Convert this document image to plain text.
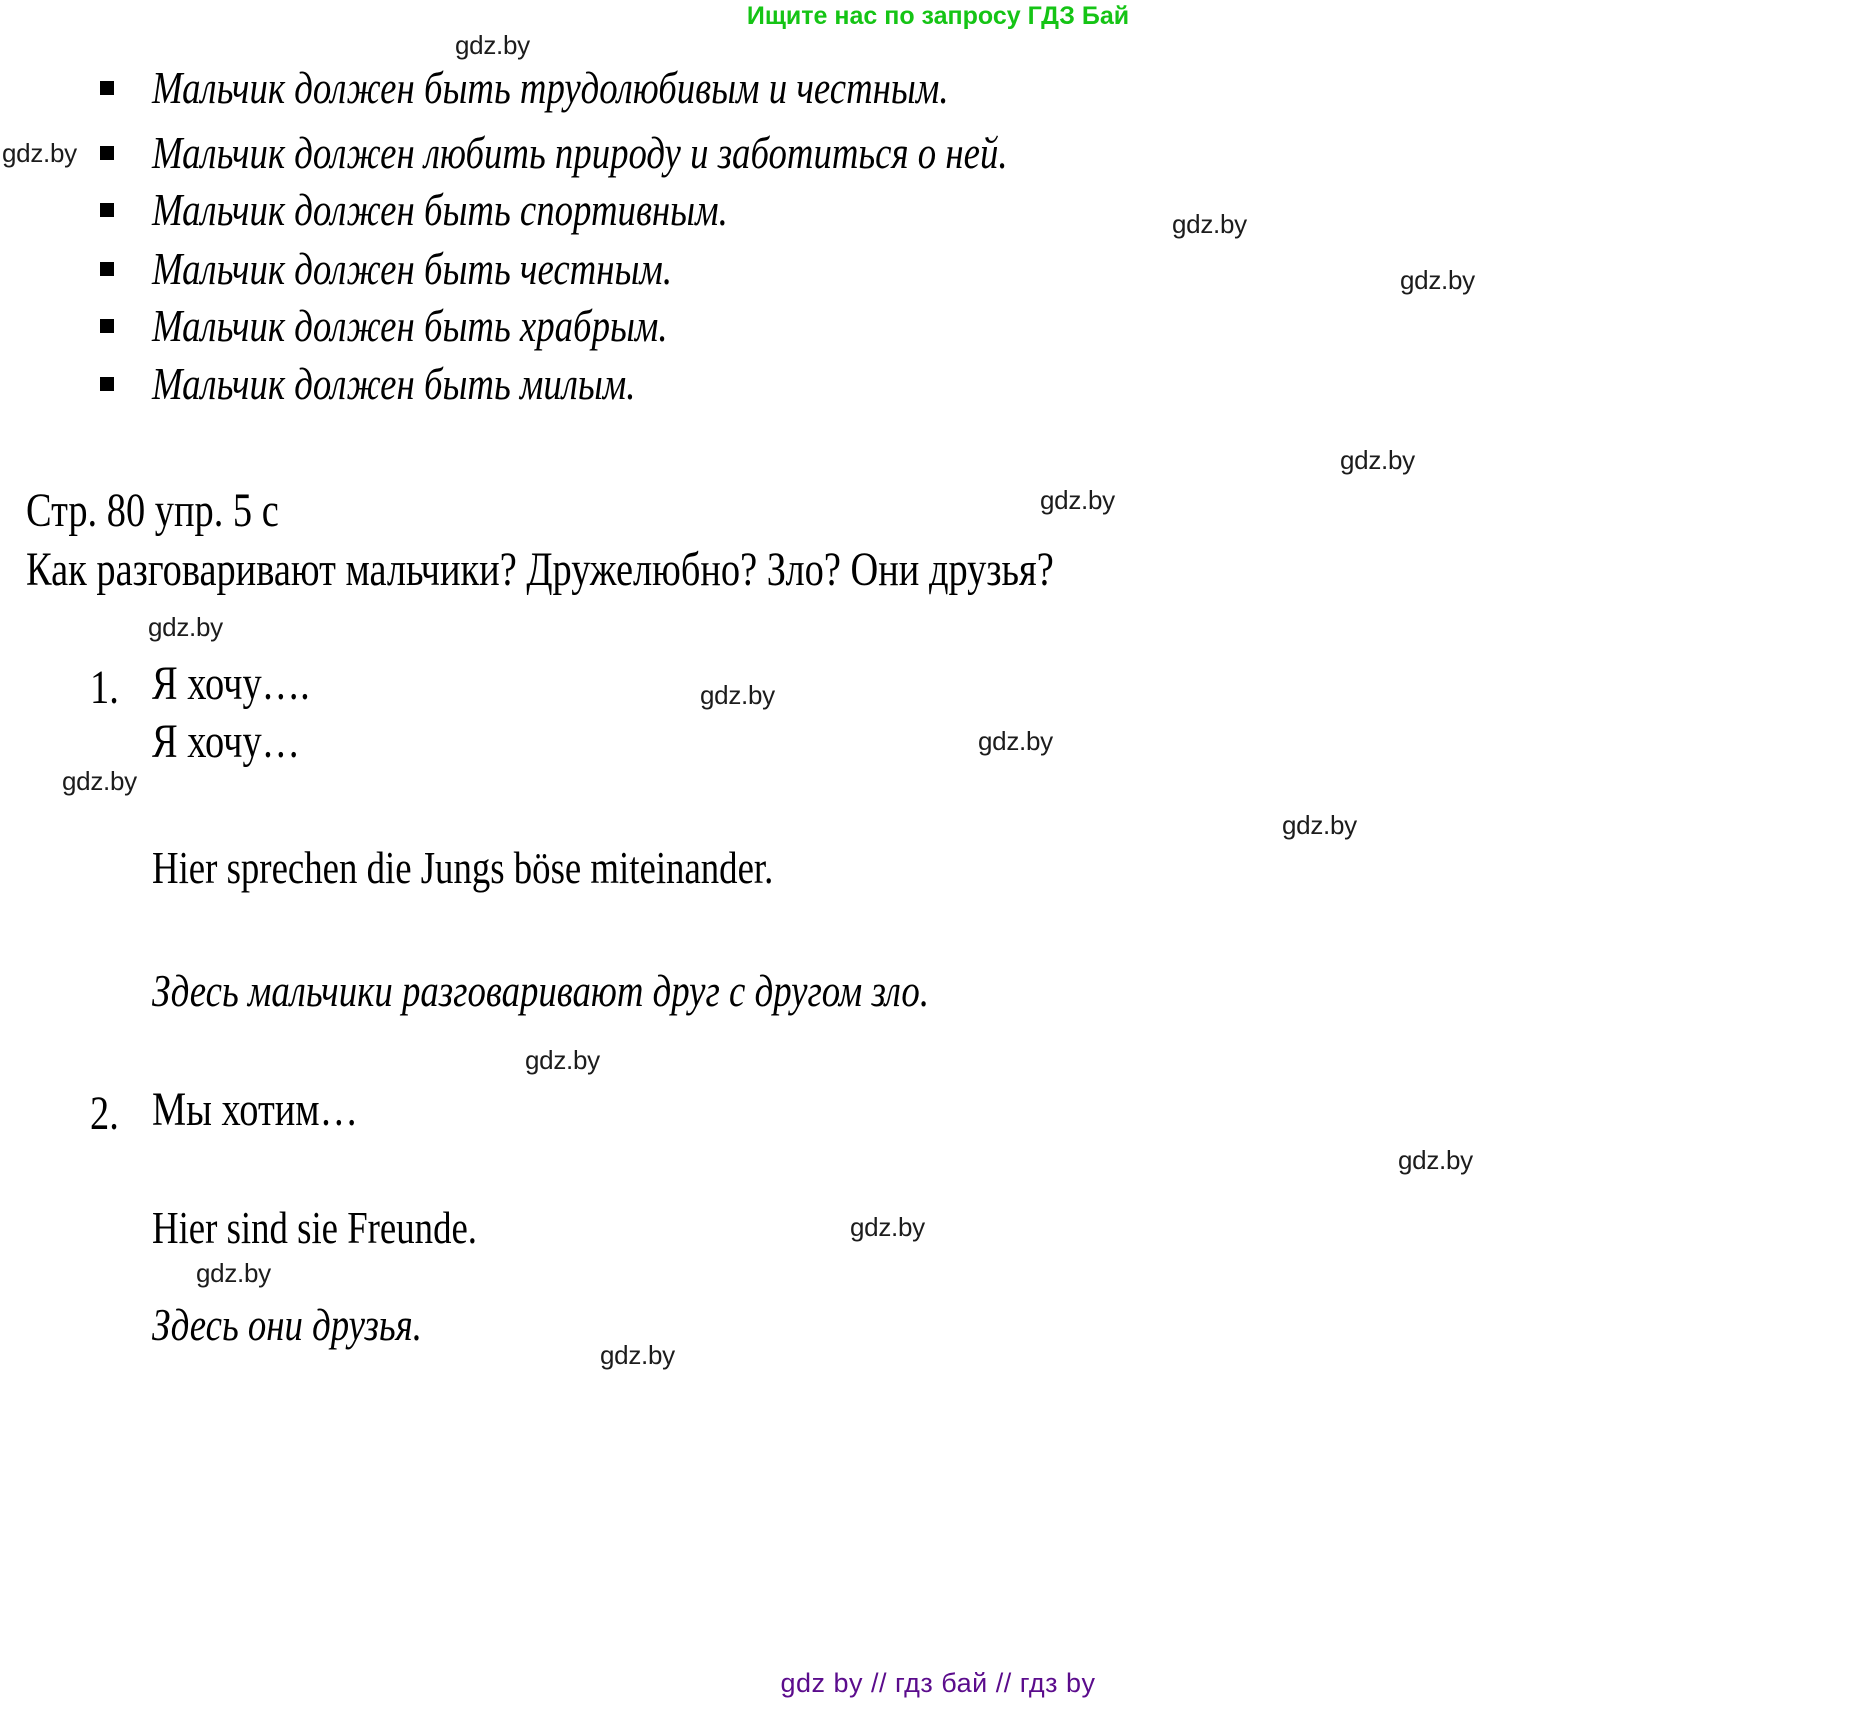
Ищите нас по запросу ГДЗ Бай
Мальчик должен быть трудолюбивым и честным.
Мальчик должен любить природу и заботиться о ней.
Мальчик должен быть спортивным.
Мальчик должен быть честным.
Мальчик должен быть храбрым.
Мальчик должен быть милым.
Стр. 80 упр. 5 c
Как разговаривают мальчики? Дружелюбно? Зло? Они друзья?
1. Я хочу….
Я хочу…
Hier sprechen die Jungs böse miteinander.
Здесь мальчики разговаривают друг с другом зло.
2. Мы хотим…
Hier sind sie Freunde.
Здесь они друзья.
gdz.by
gdz.by
gdz.by
gdz.by
gdz.by
gdz.by
gdz.by
gdz.by
gdz.by
gdz.by
gdz.by
gdz.by
gdz.by
gdz.by
gdz.by
gdz.by
gdz by // гдз бай // гдз by
